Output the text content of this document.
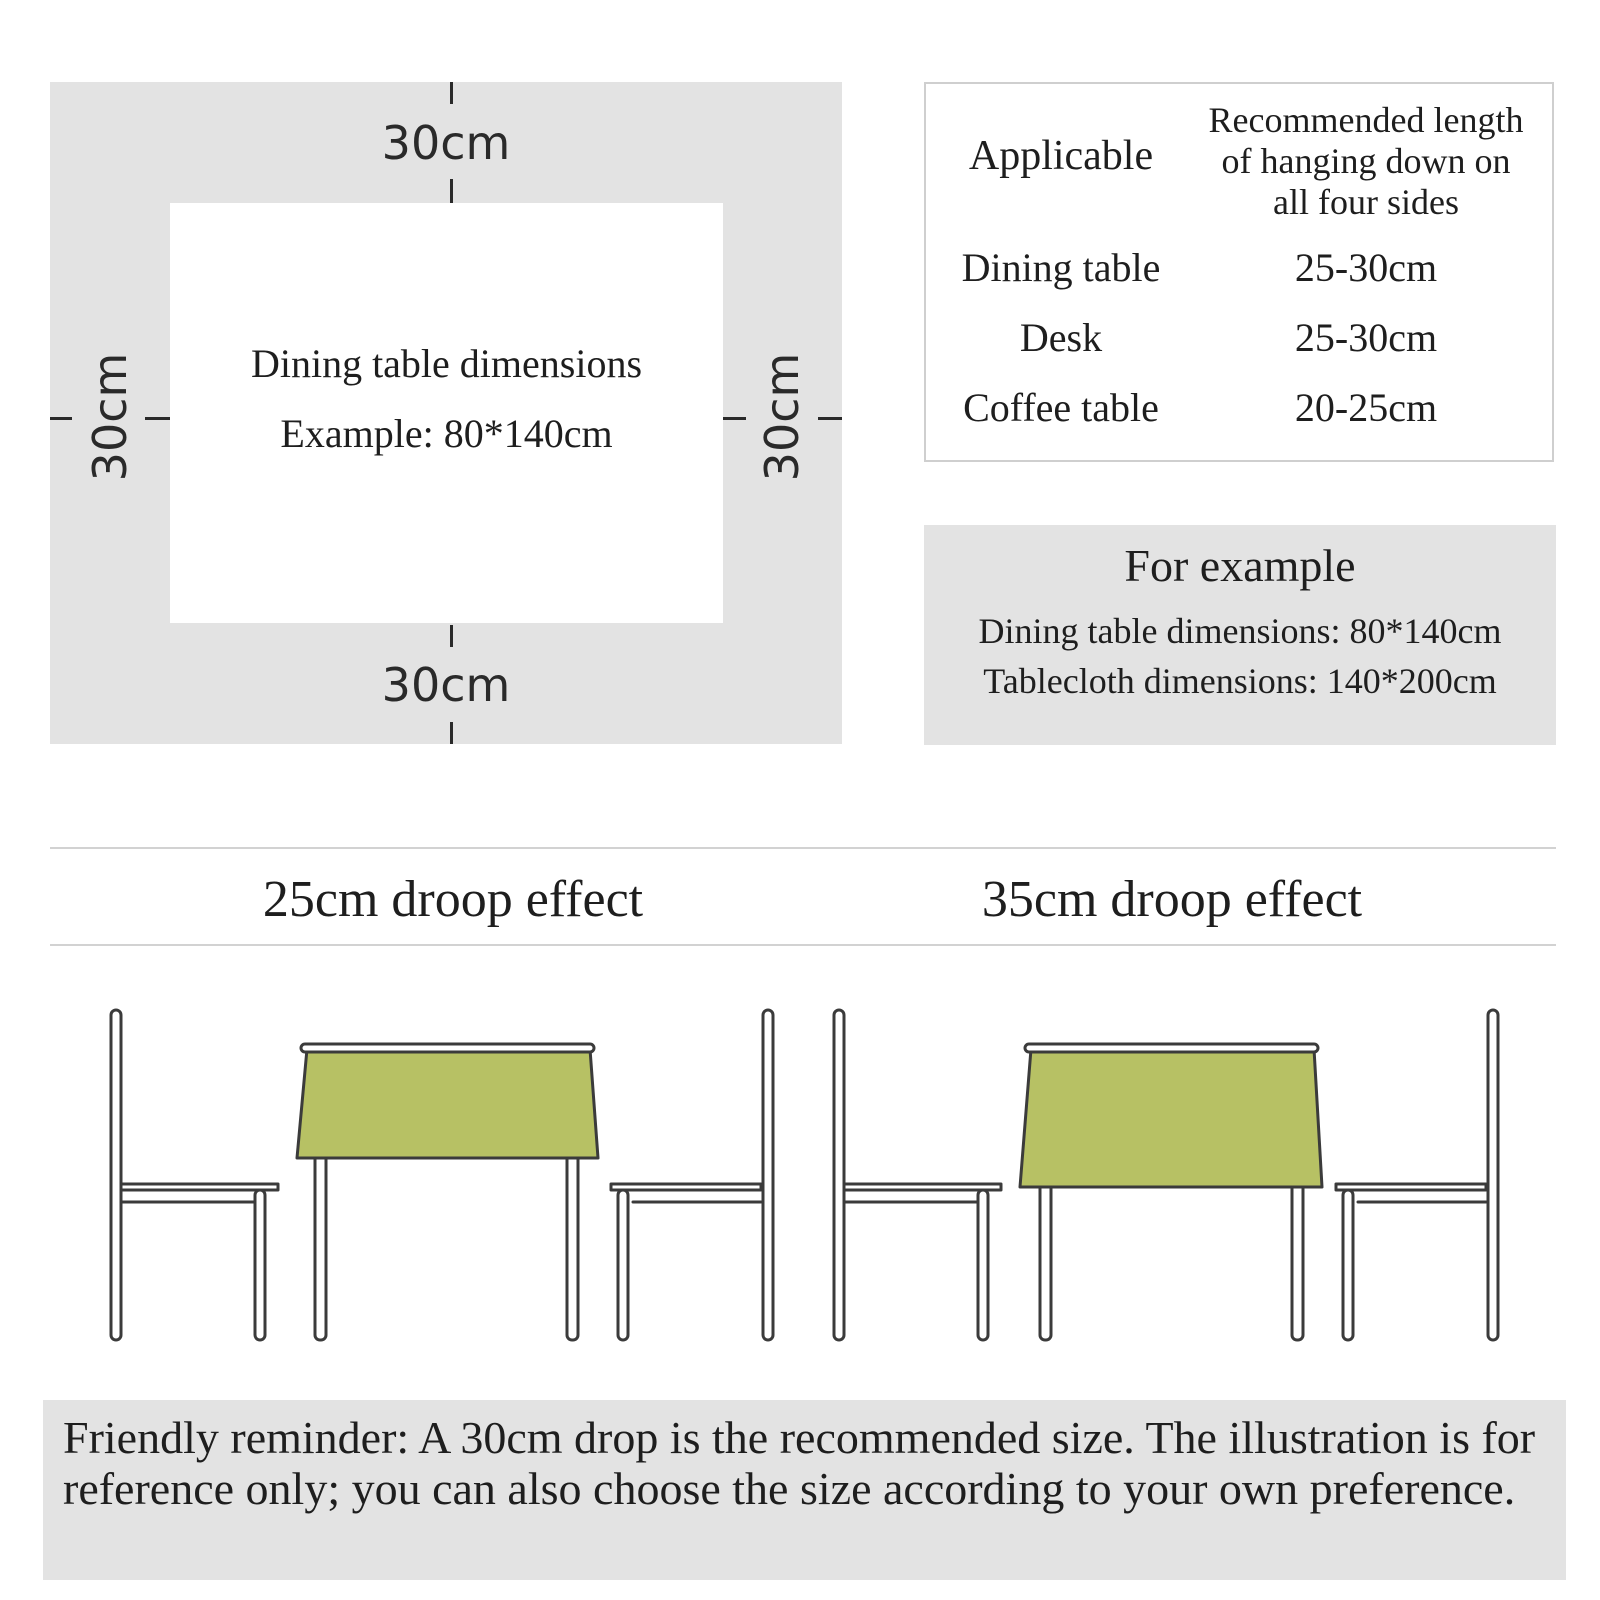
30cm
30cm
30cm	30cm
Dining table dimensions
Example: 80*140cm
Applicable
Recommended length
of hanging down on
all four sides
Dining table	25-30cm
Desk	25-30cm
Coffee table	20-25cm
For example
Dining table dimensions: 80*140cm
Tablecloth dimensions: 140*200cm
25cm droop effect	35cm droop effect

Friendly reminder: A 30cm drop is the recommended size. The illustration is for reference only; you can also choose the size according to your own preference.
